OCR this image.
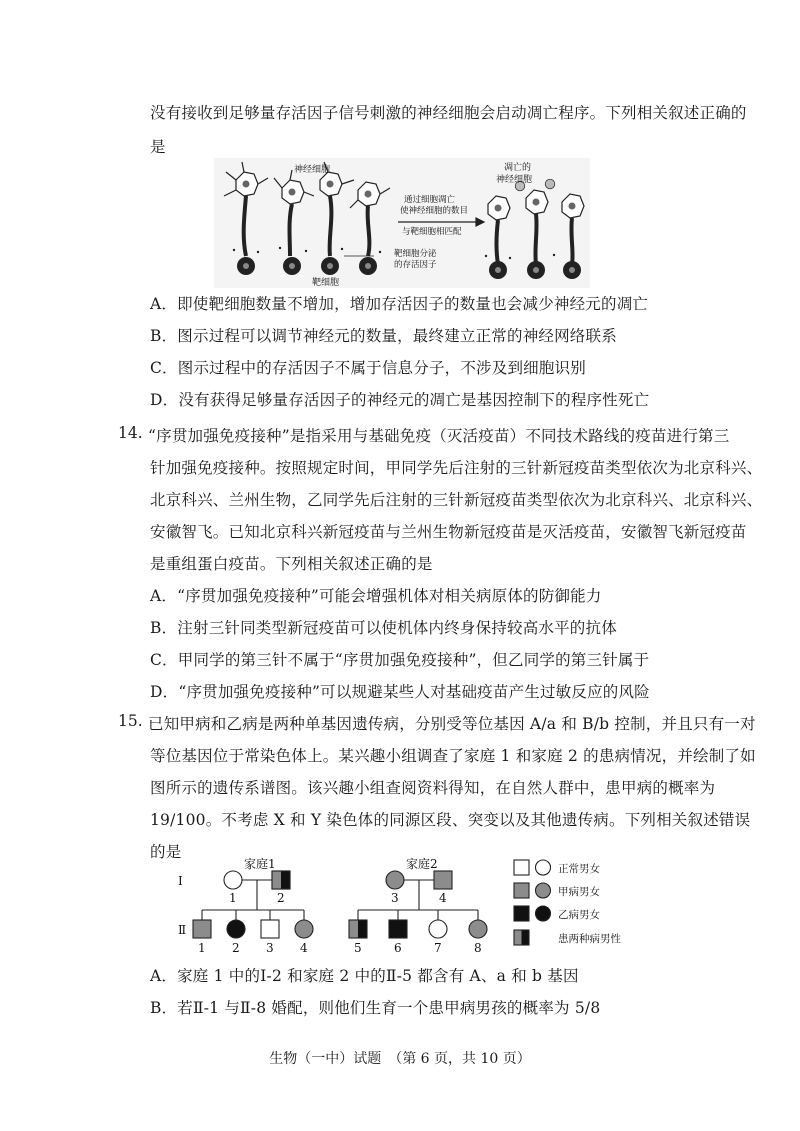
没有接收到足够量存活因子信号刺激的神经细胞会启动凋亡程序。下列相关叙述正确的
是
神经细胞	凋亡的
神经细胞
通过细胞凋亡
使神经细胞的数目
与靶细胞相匹配
靶细胞分泌
的存活因子
靶细胞
A．即使靶细胞数量不增加，增加存活因子的数量也会减少神经元的凋亡
B．图示过程可以调节神经元的数量，最终建立正常的神经网络联系
C．图示过程中的存活因子不属于信息分子，不涉及到细胞识别
D．没有获得足够量存活因子的神经元的凋亡是基因控制下的程序性死亡
14. “序贯加强免疫接种”是指采用与基础免疫（灭活疫苗）不同技术路线的疫苗进行第三
针加强免疫接种。按照规定时间，甲同学先后注射的三针新冠疫苗类型依次为北京科兴、
北京科兴、兰州生物，乙同学先后注射的三针新冠疫苗类型依次为北京科兴、北京科兴、
安徽智飞。已知北京科兴新冠疫苗与兰州生物新冠疫苗是灭活疫苗，安徽智飞新冠疫苗
是重组蛋白疫苗。下列相关叙述正确的是
A．“序贯加强免疫接种”可能会增强机体对相关病原体的防御能力
B．注射三针同类型新冠疫苗可以使机体内终身保持较高水平的抗体
C．甲同学的第三针不属于“序贯加强免疫接种”，但乙同学的第三针属于
D．“序贯加强免疫接种”可以规避某些人对基础疫苗产生过敏反应的风险
15. 已知甲病和乙病是两种单基因遗传病，分别受等位基因 A/a 和 B/b 控制，并且只有一对
等位基因位于常染色体上。某兴趣小组调查了家庭 1 和家庭 2 的患病情况，并绘制了如
图所示的遗传系谱图。该兴趣小组查阅资料得知，在自然人群中，患甲病的概率为
19/100。不考虑 X 和 Y 染色体的同源区段、突变以及其他遗传病。下列相关叙述错误
的是
家庭1	家庭2
I
Ⅱ
1	2	3	4
1 2 3 4	5	6	7	8
正常男女
甲病男女
乙病男女
患两种病男性
A．家庭 1 中的Ⅰ-2 和家庭 2 中的Ⅱ-5 都含有 A、a 和 b 基因
B．若Ⅱ-1 与Ⅱ-8 婚配，则他们生育一个患甲病男孩的概率为 5/8
生物（一中）试题　（第 6 页，共 10 页）
